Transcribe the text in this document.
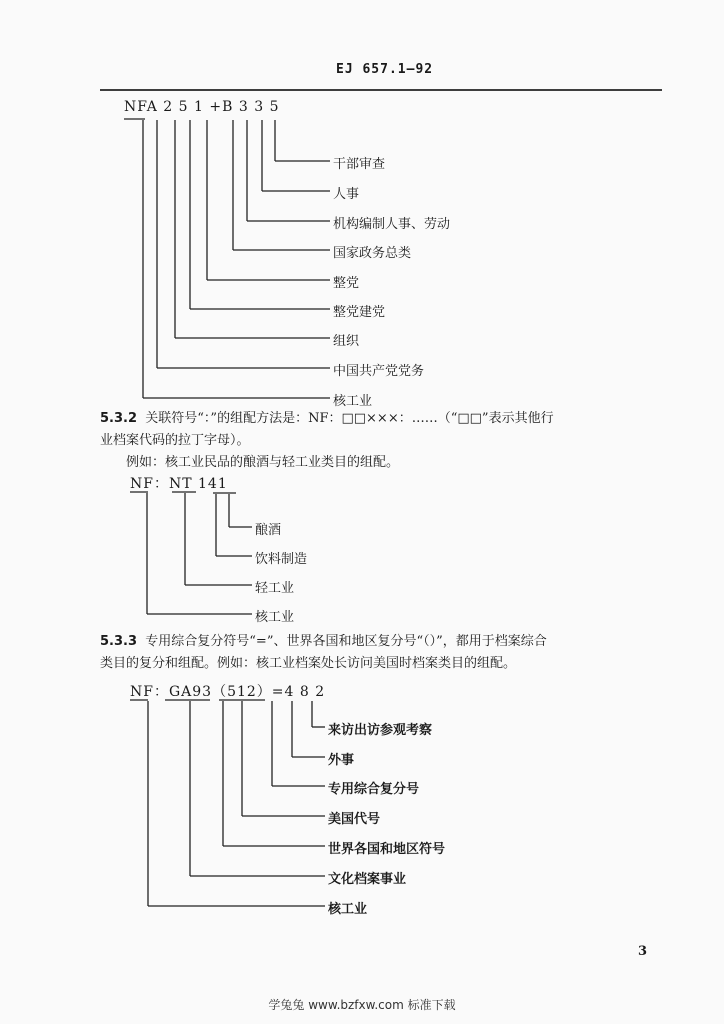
EJ 657.1—92
NFA 2 5 1 +B 3 3 5
干部审查
人事
机构编制人事、劳动
国家政务总类
整党
整党建党
组织
中国共产党党务
核工业
5.3.2 关联符号“：”的组配方法是：NF：□□×××：……（“□□”表示其他行
业档案代码的拉丁字母）。
例如：核工业民品的酿酒与轻工业类目的组配。
NF：NT 141
酿酒
饮料制造
轻工业
核工业
5.3.3 专用综合复分符号“=”、世界各国和地区复分号“（）”，都用于档案综合
类目的复分和组配。例如：核工业档案处长访问美国时档案类目的组配。
NF：GA93（512）=4 8 2
来访出访参观考察
外事
专用综合复分号
美国代号
世界各国和地区符号
文化档案事业
核工业
3
学兔兔 www.bzfxw.com 标准下载
